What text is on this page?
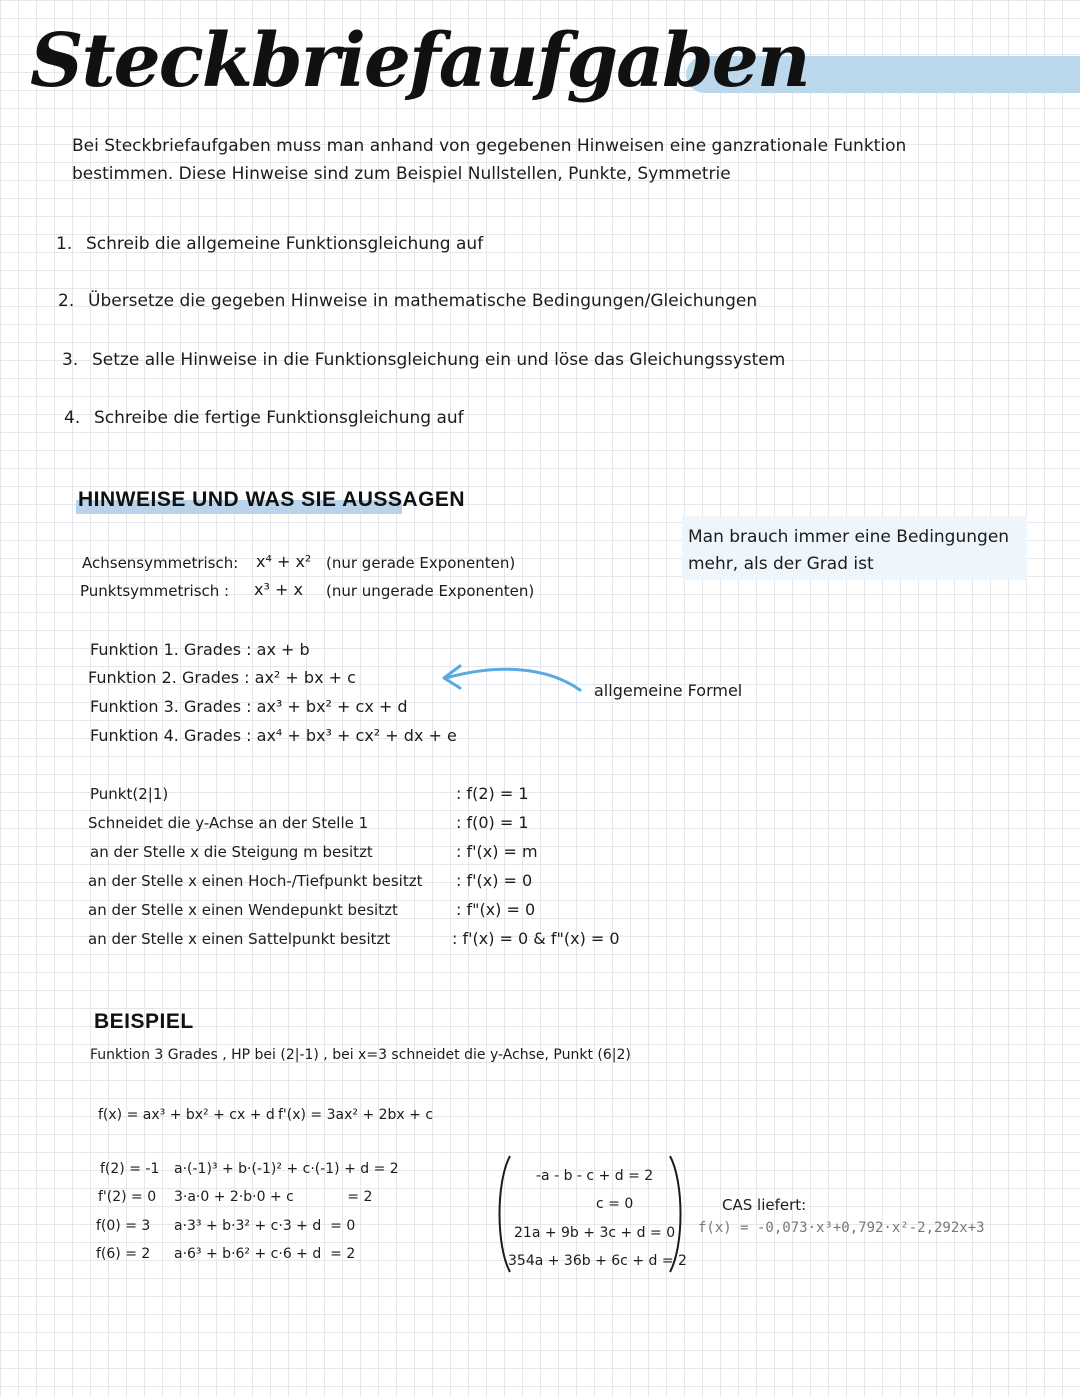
Steckbriefaufgaben
Bei Steckbriefaufgaben muss man anhand von gegebenen Hinweisen eine ganzrationale Funktion bestimmen. Diese Hinweise sind zum Beispiel Nullstellen, Punkte, Symmetrie
1. Schreib die allgemeine Funktionsgleichung auf
2. Übersetze die gegeben Hinweise in mathematische Bedingungen/Gleichungen
3. Setze alle Hinweise in die Funktionsgleichung ein und löse das Gleichungssystem
4. Schreibe die fertige Funktionsgleichung auf
HINWEISE UND WAS SIE AUSSAGEN
Man brauch immer eine Bedingungen mehr, als der Grad ist
Achsensymmetrisch: x⁴ + x² (nur gerade Exponenten)
Punktsymmetrisch : x³ + x (nur ungerade Exponenten)
Funktion 1. Grades : ax + b
Funktion 2. Grades : ax² + bx + c
Funktion 3. Grades : ax³ + bx² + cx + d
Funktion 4. Grades : ax⁴ + bx³ + cx² + dx + e
allgemeine Formel
Punkt(2|1)	: f(2) = 1
Schneidet die y-Achse an der Stelle 1	: f(0) = 1
an der Stelle x die Steigung m besitzt	: f'(x) = m
an der Stelle x einen Hoch-/Tiefpunkt besitzt : f'(x) = 0
an der Stelle x einen Wendepunkt besitzt	: f"(x) = 0
an der Stelle x einen Sattelpunkt besitzt	: f'(x) = 0 & f"(x) = 0
BEISPIEL
Funktion 3 Grades , HP bei (2|-1) , bei x=3 schneidet die y-Achse, Punkt (6|2)
f(x) = ax³ + bx² + cx + d f'(x) = 3ax² + 2bx + c
f(2) = -1 a·(-1)³ + b·(-1)² + c·(-1) + d = 2
f'(2) = 0 3·a·0 + 2·b·0 + c            = 2
f(0) = 3 a·3³ + b·3² + c·3 + d  = 0
f(6) = 2 a·6³ + b·6² + c·6 + d  = 2
-a - b - c + d = 2
c = 0
21a + 9b + 3c + d = 0
354a + 36b + 6c + d = 2
CAS liefert:
f(x) = -0,073·x³+0,792·x²-2,292x+3
